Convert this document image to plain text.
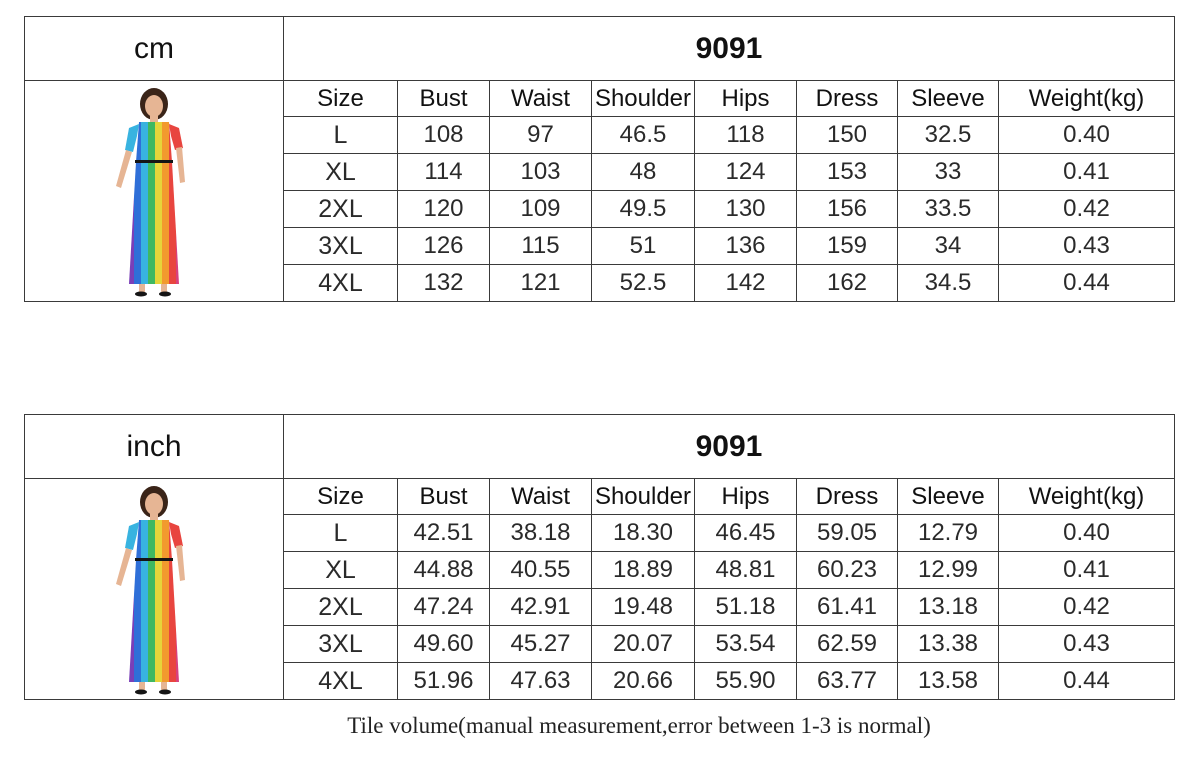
cm	9091							

	Size	Bust	Waist	Shoulder	Hips	Dress	Sleeve	Weight(kg)
	L	108	97	46.5	118	150	32.5	0.40
	XL	114	103	48	124	153	33	0.41
	2XL	120	109	49.5	130	156	33.5	0.42
	3XL	126	115	51	136	159	34	0.43
	4XL	132	121	52.5	142	162	34.5	0.44
inch	9091							

	Size	Bust	Waist	Shoulder	Hips	Dress	Sleeve	Weight(kg)
	L	42.51	38.18	18.30	46.45	59.05	12.79	0.40
	XL	44.88	40.55	18.89	48.81	60.23	12.99	0.41
	2XL	47.24	42.91	19.48	51.18	61.41	13.18	0.42
	3XL	49.60	45.27	20.07	53.54	62.59	13.38	0.43
	4XL	51.96	47.63	20.66	55.90	63.77	13.58	0.44
Tile volume(manual measurement,error between 1-3 is normal)
